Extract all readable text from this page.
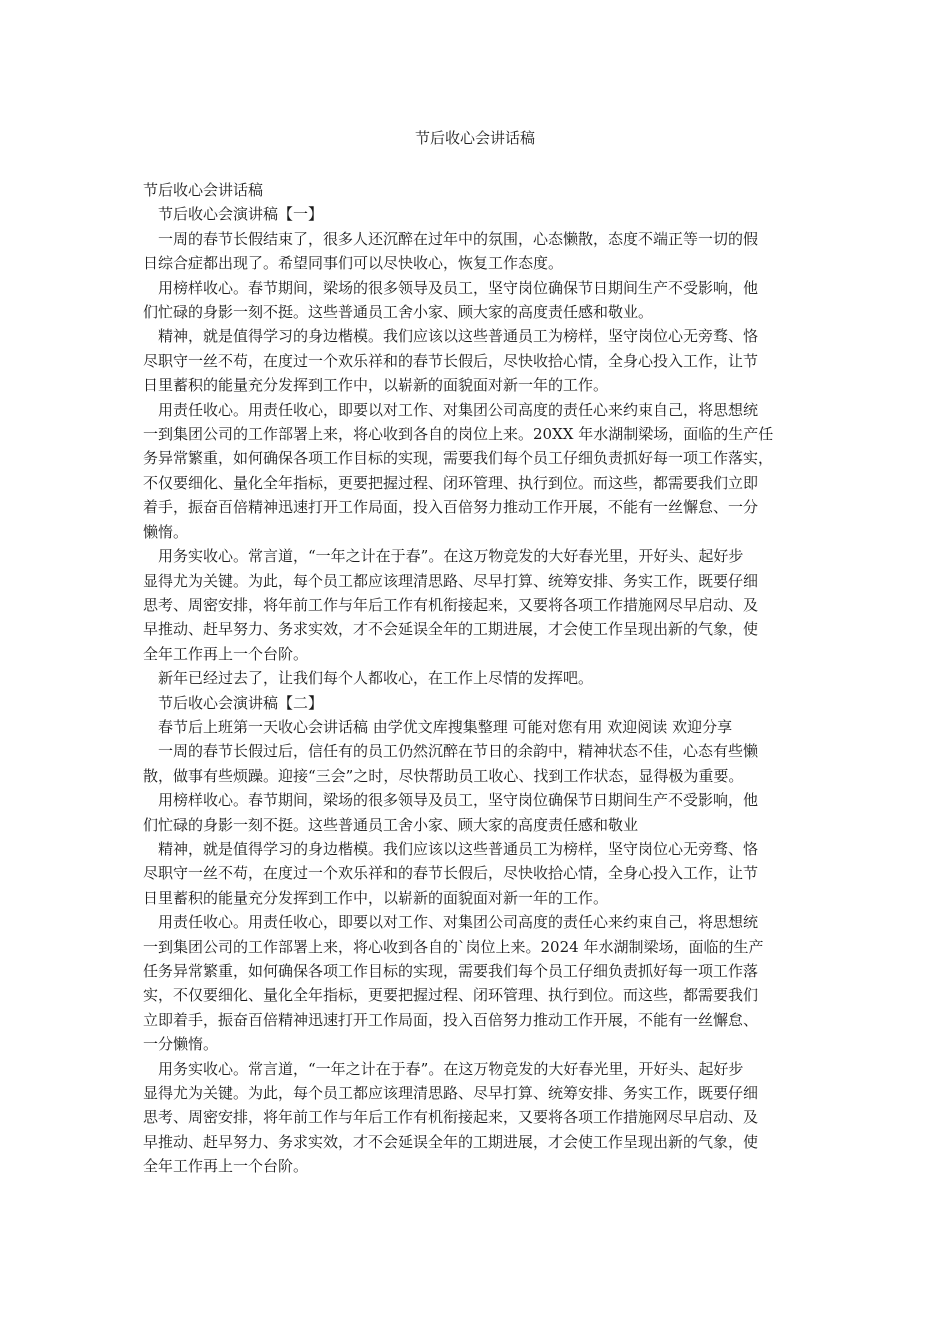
节后收心会讲话稿
节后收心会讲话稿
节后收心会演讲稿【一】
一周的春节长假结束了，很多人还沉醉在过年中的氛围，心态懒散，态度不端正等一切的假
日综合症都出现了。希望同事们可以尽快收心，恢复工作态度。
用榜样收心。春节期间，梁场的很多领导及员工，坚守岗位确保节日期间生产不受影响，他
们忙碌的身影一刻不挺。这些普通员工舍小家、顾大家的高度责任感和敬业。
精神，就是值得学习的身边楷模。我们应该以这些普通员工为榜样，坚守岗位心无旁骛、恪
尽职守一丝不苟，在度过一个欢乐祥和的春节长假后，尽快收拾心情，全身心投入工作，让节
日里蓄积的能量充分发挥到工作中，以崭新的面貌面对新一年的工作。
用责任收心。用责任收心，即要以对工作、对集团公司高度的责任心来约束自己，将思想统
一到集团公司的工作部署上来，将心收到各自的岗位上来。20XX 年水湖制梁场，面临的生产任
务异常繁重，如何确保各项工作目标的实现，需要我们每个员工仔细负责抓好每一项工作落实，
不仅要细化、量化全年指标，更要把握过程、闭环管理、执行到位。而这些，都需要我们立即
着手，振奋百倍精神迅速打开工作局面，投入百倍努力推动工作开展，不能有一丝懈怠、一分
懒惰。
用务实收心。常言道，“一年之计在于春”。在这万物竞发的大好春光里，开好头、起好步
显得尤为关键。为此，每个员工都应该理清思路、尽早打算、统筹安排、务实工作，既要仔细
思考、周密安排，将年前工作与年后工作有机衔接起来，又要将各项工作措施网尽早启动、及
早推动、赶早努力、务求实效，才不会延误全年的工期进展，才会使工作呈现出新的气象，使
全年工作再上一个台阶。
新年已经过去了，让我们每个人都收心，在工作上尽情的发挥吧。
节后收心会演讲稿【二】
春节后上班第一天收心会讲话稿 由学优文库搜集整理 可能对您有用 欢迎阅读 欢迎分享
一周的春节长假过后，信任有的员工仍然沉醉在节日的余韵中，精神状态不佳，心态有些懒
散，做事有些烦躁。迎接“三会”之时，尽快帮助员工收心、找到工作状态，显得极为重要。
用榜样收心。春节期间，梁场的很多领导及员工，坚守岗位确保节日期间生产不受影响，他
们忙碌的身影一刻不挺。这些普通员工舍小家、顾大家的高度责任感和敬业
精神，就是值得学习的身边楷模。我们应该以这些普通员工为榜样，坚守岗位心无旁骛、恪
尽职守一丝不苟，在度过一个欢乐祥和的春节长假后，尽快收拾心情，全身心投入工作，让节
日里蓄积的能量充分发挥到工作中，以崭新的面貌面对新一年的工作。
用责任收心。用责任收心，即要以对工作、对集团公司高度的责任心来约束自己，将思想统
一到集团公司的工作部署上来，将心收到各自的`岗位上来。2024 年水湖制梁场，面临的生产
任务异常繁重，如何确保各项工作目标的实现，需要我们每个员工仔细负责抓好每一项工作落
实，不仅要细化、量化全年指标，更要把握过程、闭环管理、执行到位。而这些，都需要我们
立即着手，振奋百倍精神迅速打开工作局面，投入百倍努力推动工作开展，不能有一丝懈怠、
一分懒惰。
用务实收心。常言道，“一年之计在于春”。在这万物竞发的大好春光里，开好头、起好步
显得尤为关键。为此，每个员工都应该理清思路、尽早打算、统筹安排、务实工作，既要仔细
思考、周密安排，将年前工作与年后工作有机衔接起来，又要将各项工作措施网尽早启动、及
早推动、赶早努力、务求实效，才不会延误全年的工期进展，才会使工作呈现出新的气象，使
全年工作再上一个台阶。
